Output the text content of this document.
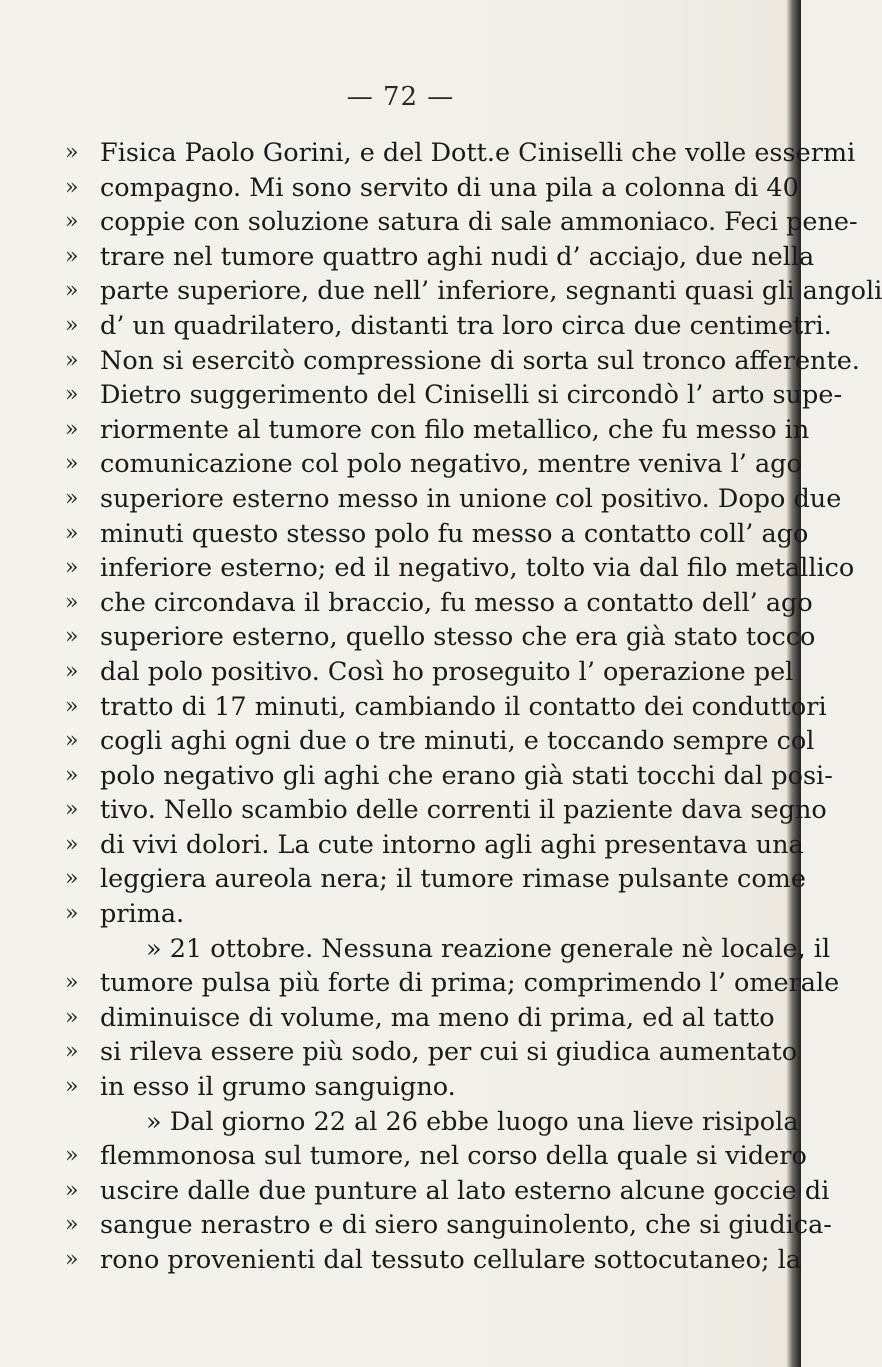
— 72 —
» Fisica Paolo Gorini, e del Dott.e Ciniselli che volle essermi
» compagno. Mi sono servito di una pila a colonna di 40
» coppie con soluzione satura di sale ammoniaco. Feci pene-
» trare nel tumore quattro aghi nudi d’ acciajo, due nella
» parte superiore, due nell’ inferiore, segnanti quasi gli angoli
» d’ un quadrilatero, distanti tra loro circa due centimetri.
» Non si esercitò compressione di sorta sul tronco afferente.
» Dietro suggerimento del Ciniselli si circondò l’ arto supe-
» riormente al tumore con filo metallico, che fu messo in
» comunicazione col polo negativo, mentre veniva l’ ago
» superiore esterno messo in unione col positivo. Dopo due
» minuti questo stesso polo fu messo a contatto coll’ ago
» inferiore esterno; ed il negativo, tolto via dal filo metallico
» che circondava il braccio, fu messo a contatto dell’ ago
» superiore esterno, quello stesso che era già stato tocco
» dal polo positivo. Così ho proseguito l’ operazione pel
» tratto di 17 minuti, cambiando il contatto dei conduttori
» cogli aghi ogni due o tre minuti, e toccando sempre col
» polo negativo gli aghi che erano già stati tocchi dal posi-
» tivo. Nello scambio delle correnti il paziente dava segno
» di vivi dolori. La cute intorno agli aghi presentava una
» leggiera aureola nera; il tumore rimase pulsante come
» prima.
» 21 ottobre. Nessuna reazione generale nè locale, il
» tumore pulsa più forte di prima; comprimendo l’ omerale
» diminuisce di volume, ma meno di prima, ed al tatto
» si rileva essere più sodo, per cui si giudica aumentato
» in esso il grumo sanguigno.
» Dal giorno 22 al 26 ebbe luogo una lieve risipola
» flemmonosa sul tumore, nel corso della quale si videro
» uscire dalle due punture al lato esterno alcune goccie di
» sangue nerastro e di siero sanguinolento, che si giudica-
» rono provenienti dal tessuto cellulare sottocutaneo; la
